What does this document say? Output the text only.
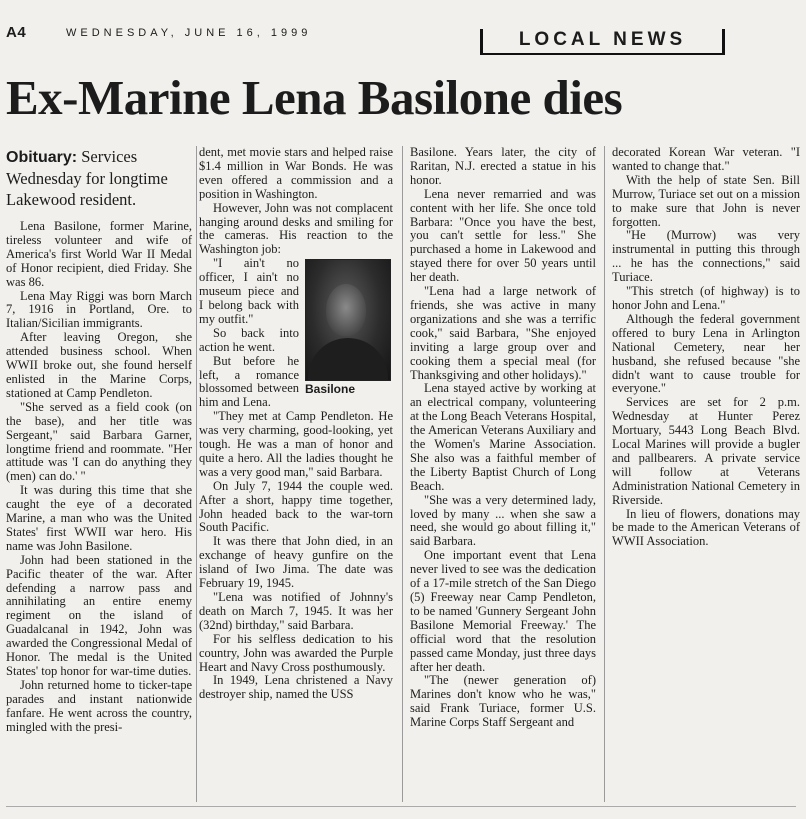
A4	WEDNESDAY, JUNE 16, 1999	LOCAL NEWS
Ex-Marine Lena Basilone dies
Obituary: Services Wednesday for longtime Lakewood resident.

Lena Basilone, former Marine, tireless volunteer and wife of America's first World War II Medal of Honor recipient, died Friday. She was 86.

Lena May Riggi was born March 7, 1916 in Portland, Ore. to Italian/Sicilian immigrants.

After leaving Oregon, she attended business school. When WWII broke out, she found herself enlisted in the Marine Corps, stationed at Camp Pendleton.

"She served as a field cook (on the base), and her title was Sergeant," said Barbara Garner, longtime friend and roommate. "Her attitude was 'I can do anything they (men) can do.' "

It was during this time that she caught the eye of a decorated Marine, a man who was the United States' first WWII war hero. His name was John Basilone.

John had been stationed in the Pacific theater of the war. After defending a narrow pass and annihilating an entire enemy regiment on the island of Guadalcanal in 1942, John was awarded the Congressional Medal of Honor. The medal is the United States' top honor for war-time duties.

John returned home to ticker-tape parades and instant nationwide fanfare. He went across the country, mingled with the presi-

dent, met movie stars and helped raise $1.4 million in War Bonds. He was even offered a commission and a position in Washington.

However, John was not complacent hanging around desks and smiling for the cameras. His reaction to the Washington job:

Basilone

"I ain't no officer, I ain't no museum piece and I belong back with my outfit."

So back into action he went.

But before he left, a romance blossomed between him and Lena.

"They met at Camp Pendleton. He was very charming, good-looking, yet tough. He was a man of honor and quite a hero. All the ladies thought he was a very good man," said Barbara.

On July 7, 1944 the couple wed. After a short, happy time together, John headed back to the war-torn South Pacific.

It was there that John died, in an exchange of heavy gunfire on the island of Iwo Jima. The date was February 19, 1945.

"Lena was notified of Johnny's death on March 7, 1945. It was her (32nd) birthday," said Barbara.

For his selfless dedication to his country, John was awarded the Purple Heart and Navy Cross posthumously.

In 1949, Lena christened a Navy destroyer ship, named the USS

Basilone. Years later, the city of Raritan, N.J. erected a statue in his honor.

Lena never remarried and was content with her life. She once told Barbara: "Once you have the best, you can't settle for less." She purchased a home in Lakewood and stayed there for over 50 years until her death.

"Lena had a large network of friends, she was active in many organizations and she was a terrific cook," said Barbara, "She enjoyed inviting a large group over and cooking them a special meal (for Thanksgiving and other holidays)."

Lena stayed active by working at an electrical company, volunteering at the Long Beach Veterans Hospital, the American Veterans Auxiliary and the Women's Marine Association. She also was a faithful member of the Liberty Baptist Church of Long Beach.

"She was a very determined lady, loved by many ... when she saw a need, she would go about filling it," said Barbara.

One important event that Lena never lived to see was the dedication of a 17-mile stretch of the San Diego (5) Freeway near Camp Pendleton, to be named 'Gunnery Sergeant John Basilone Memorial Freeway.' The official word that the resolution passed came Monday, just three days after her death.

"The (newer generation of) Marines don't know who he was," said Frank Turiace, former U.S. Marine Corps Staff Sergeant and

decorated Korean War veteran. "I wanted to change that."

With the help of state Sen. Bill Murrow, Turiace set out on a mission to make sure that John is never forgotten.

"He (Murrow) was very instrumental in putting this through ... he has the connections," said Turiace.

"This stretch (of highway) is to honor John and Lena."

Although the federal government offered to bury Lena in Arlington National Cemetery, near her husband, she refused because "she didn't want to cause trouble for everyone."

Services are set for 2 p.m. Wednesday at Hunter Perez Mortuary, 5443 Long Beach Blvd. Local Marines will provide a bugler and pallbearers. A private service will follow at Veterans Administration National Cemetery in Riverside.

In lieu of flowers, donations may be made to the American Veterans of WWII Association.
